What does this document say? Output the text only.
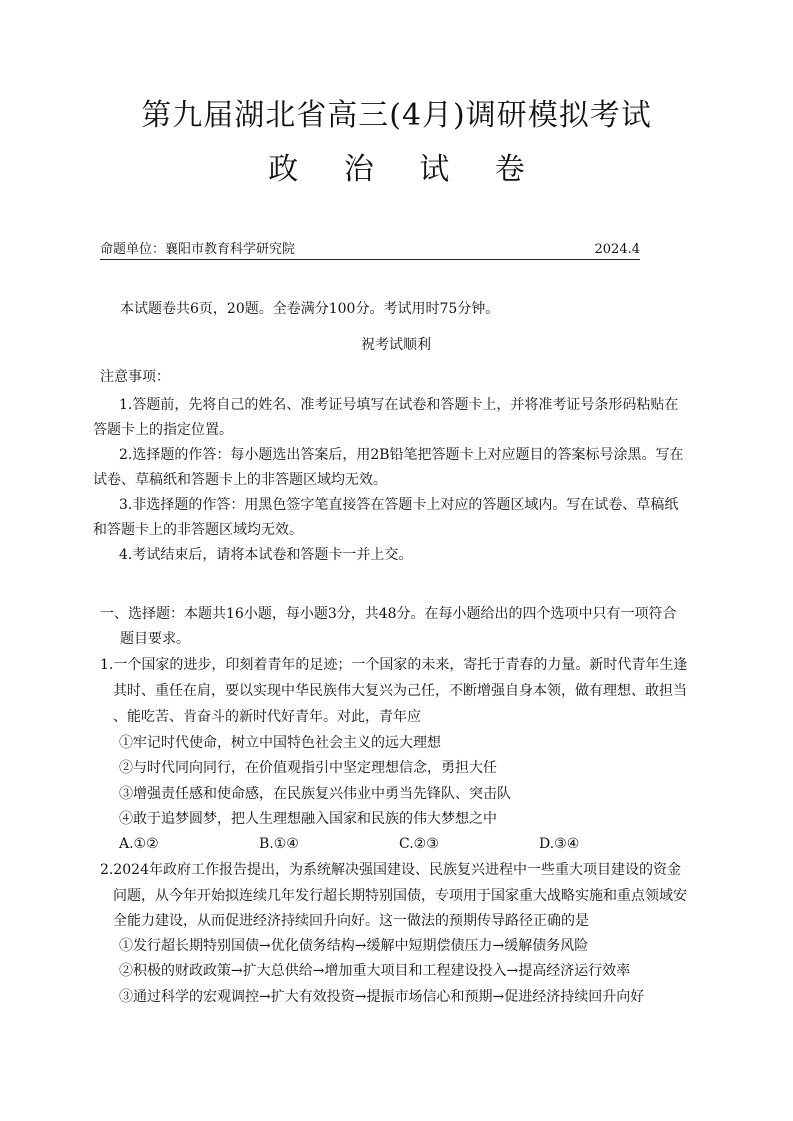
第九届湖北省高三(4月)调研模拟考试
政 治 试 卷
命题单位：襄阳市教育科学研究院	2024.4
本试题卷共6页，20题。全卷满分100分。考试用时75分钟。
祝考试顺利
注意事项：
1.答题前，先将自己的姓名、准考证号填写在试卷和答题卡上，并将准考证号条形码粘贴在
答题卡上的指定位置。
2.选择题的作答：每小题选出答案后，用2B铅笔把答题卡上对应题目的答案标号涂黑。写在
试卷、草稿纸和答题卡上的非答题区域均无效。
3.非选择题的作答：用黑色签字笔直接答在答题卡上对应的答题区域内。写在试卷、草稿纸
和答题卡上的非答题区域均无效。
4.考试结束后，请将本试卷和答题卡一并上交。
一、选择题：本题共16小题，每小题3分，共48分。在每小题给出的四个选项中只有一项符合
题目要求。
1.一个国家的进步，印刻着青年的足迹；一个国家的未来，寄托于青春的力量。新时代青年生逢
其时、重任在肩，要以实现中华民族伟大复兴为己任，不断增强自身本领，做有理想、敢担当
、能吃苦、肯奋斗的新时代好青年。对此，青年应
①牢记时代使命，树立中国特色社会主义的远大理想
②与时代同向同行，在价值观指引中坚定理想信念，勇担大任
③增强责任感和使命感，在民族复兴伟业中勇当先锋队、突击队
④敢于追梦圆梦，把人生理想融入国家和民族的伟大梦想之中
A.①②	B.①④	C.②③	D.③④
2.2024年政府工作报告提出，为系统解决强国建设、民族复兴进程中一些重大项目建设的资金
问题，从今年开始拟连续几年发行超长期特别国债，专项用于国家重大战略实施和重点领域安
全能力建设，从而促进经济持续回升向好。这一做法的预期传导路径正确的是
①发行超长期特别国债→优化债务结构→缓解中短期偿债压力→缓解债务风险
②积极的财政政策→扩大总供给→增加重大项目和工程建设投入→提高经济运行效率
③通过科学的宏观调控→扩大有效投资→提振市场信心和预期→促进经济持续回升向好
